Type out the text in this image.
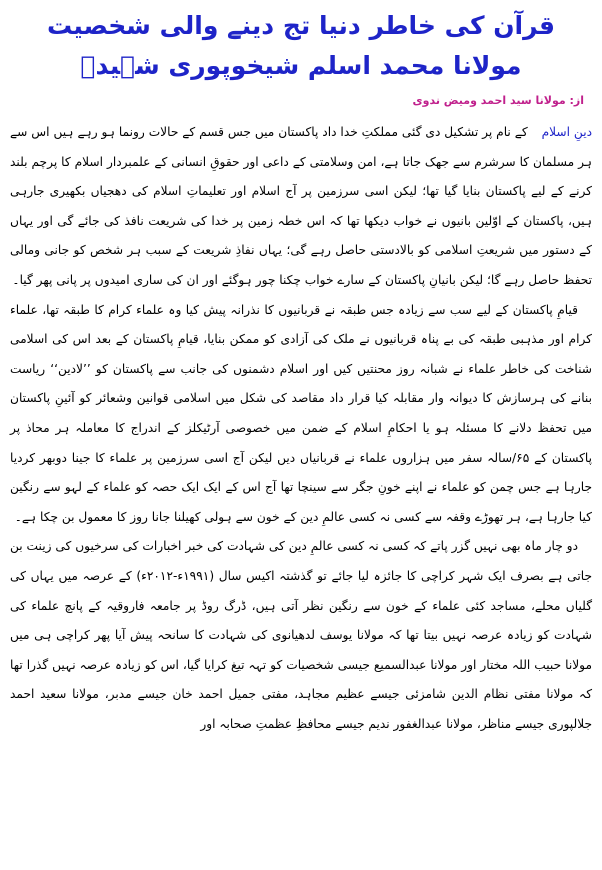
قرآن کی خاطر دنیا تج دینے والی شخصیت
مولانا محمد اسلم شیخوپوری شہیدؒ
از: مولانا سید احمد ومیض ندوی

دینِ اسلام کے نام پر تشکیل دی گئی مملکتِ خدا داد پاکستان میں جس قسم کے حالات رونما ہو رہے ہیں اس سے ہر مسلمان کا سرشرم سے جھک جاتا ہے، امن وسلامتی کے داعی اور حقوقِ انسانی کے علمبردار اسلام کا پرچم بلند کرنے کے لیے پاکستان بنایا گیا تھا؛ لیکن اسی سرزمین پر آج اسلام اور تعلیماتِ اسلام کی دھجیاں بکھیری جارہی ہیں، پاکستان کے اوّلین بانیوں نے خواب دیکھا تھا کہ اس خطہ زمین پر خدا کی شریعت نافذ کی جائے گی اور یہاں کے دستور میں شریعتِ اسلامی کو بالادستی حاصل رہے گی؛ یہاں نفاذِ شریعت کے سبب ہر شخص کو جانی ومالی تحفظ حاصل رہے گا؛ لیکن بانیانِ پاکستان کے سارے خواب چکنا چور ہوگئے اور ان کی ساری امیدوں پر پانی پھر گیا۔

قیامِ پاکستان کے لیے سب سے زیادہ جس طبقہ نے قربانیوں کا نذرانہ پیش کیا وہ علماء کرام کا طبقہ تھا، علماء کرام اور مذہبی طبقہ کی بے پناہ قربانیوں نے ملک کی آزادی کو ممکن بنایا، قیامِ پاکستان کے بعد اس کی اسلامی شناخت کی خاطر علماء نے شبانہ روز محنتیں کیں اور اسلام دشمنوں کی جانب سے پاکستان کو ’’لادین‘‘ ریاست بنانے کی ہرسازش کا دیوانہ وار مقابلہ کیا قرار داد مقاصد کی شکل میں اسلامی قوانین وشعائر کو آئینِ پاکستان میں تحفظ دلانے کا مسئلہ ہو یا احکامِ اسلام کے ضمن میں خصوصی آرٹیکلز کے اندراج کا معاملہ ہر محاذ پر پاکستان کے ۶۵/سالہ سفر میں ہزاروں علماء نے قربانیاں دیں لیکن آج اسی سرزمین پر علماء کا جینا دوبھر کردیا جارہا ہے جس چمن کو علماء نے اپنے خونِ جگر سے سینچا تھا آج اس کے ایک ایک حصہ کو علماء کے لہو سے رنگین کیا جارہا ہے، ہر تھوڑے وقفہ سے کسی نہ کسی عالمِ دین کے خون سے ہولی کھیلنا جانا روز کا معمول بن چکا ہے۔

دو چار ماہ بھی نہیں گزر پاتے کہ کسی نہ کسی عالمِ دین کی شہادت کی خبر اخبارات کی سرخیوں کی زینت بن جاتی ہے بصرف ایک شہر کراچی کا جائزہ لیا جائے تو گذشتہ اکیس سال (۱۹۹۱ء-۲۰۱۲ء) کے عرصہ میں یہاں کی گلیاں محلے، مساجد کئی علماء کے خون سے رنگین نظر آتی ہیں، ڈرگ روڈ پر جامعہ فاروقیہ کے پانچ علماء کی شہادت کو زیادہ عرصہ نہیں بیتا تھا کہ مولانا یوسف لدھیانوی کی شہادت کا سانحہ پیش آیا پھر کراچی ہی میں مولانا حبیب اللہ مختار اور مولانا عبدالسمیع جیسی شخصیات کو تہہ تیغ کرایا گیا، اس کو زیادہ عرصہ نہیں گذرا تھا کہ مولانا مفتی نظام الدین شامزئی جیسے عظیم مجاہد، مفتی جمیل احمد خان جیسے مدبر، مولانا سعید احمد جلالپوری جیسے مناظر، مولانا عبدالغفور ندیم جیسے محافظِ عظمتِ صحابہ اور
